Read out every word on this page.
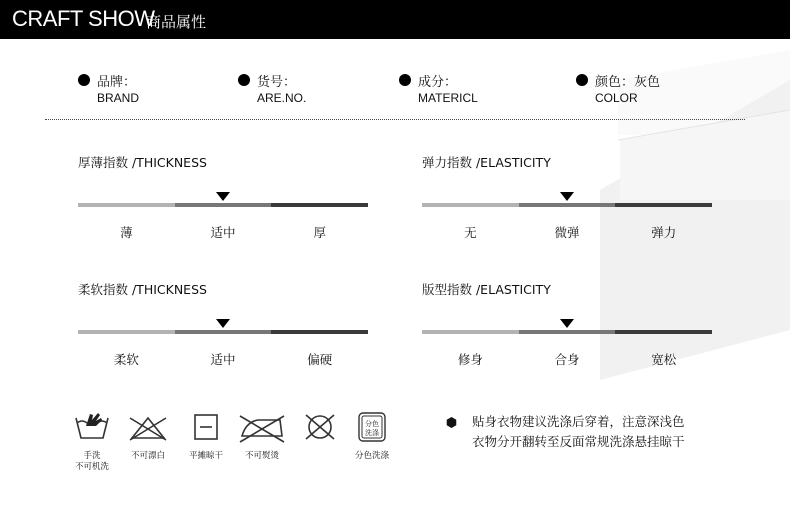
CRAFT SHOW
商品属性
品牌：
BRAND
货号：
ARE.NO.
成分：
MATERICL
颜色：灰色
COLOR
厚薄指数 /THICKNESS
薄	适中	厚
弹力指数 /ELASTICITY
无	微弹	弹力
柔软指数 /THICKNESS
柔软	适中	偏硬
版型指数 /ELASTICITY
修身	合身	宽松
手洗
不可机洗
不可漂白	平摊晾干	不可熨烫
分色
洗涤
分色洗涤
贴身衣物建议洗涤后穿着，注意深浅色
衣物分开翻转至反面常规洗涤悬挂晾干
